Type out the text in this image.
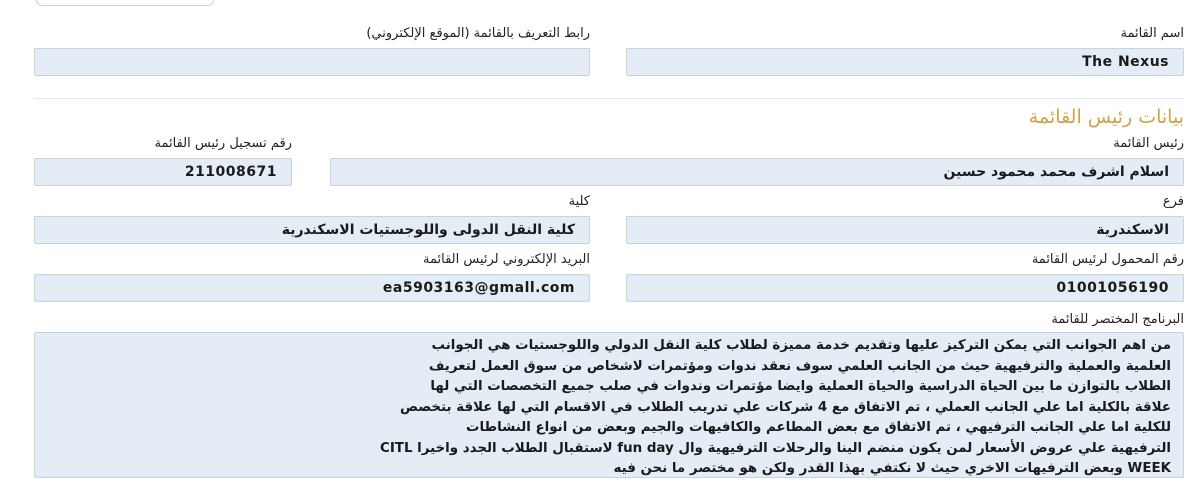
اسم القائمة
The Nexus
رابط التعريف بالقائمة (الموقع الإلكتروني)
بيانات رئيس القائمة
رئيس القائمة
اسلام اشرف محمد محمود حسين
رقم تسجيل رئيس القائمة
211008671
فرع
الاسكندرية
كلية
كلية النقل الدولى واللوجستيات الاسكندرية
رقم المحمول لرئيس القائمة
01001056190
البريد الإلكتروني لرئيس القائمة
ea5903163@gmall.com
البرنامج المختصر للقائمة
من اهم الجوانب التي يمكن التركيز عليها وتقديم خدمة مميزة لطلاب كلية النقل الدولي واللوجستيات هي الجوانب
العلمية والعملية والترفيهية حيث من الجانب العلمي سوف نعقد ندوات ومؤتمرات لاشخاص من سوق العمل لتعريف
الطلاب بالتوازن ما بين الحياة الدراسية والحياة العملية وايضا مؤتمرات وندوات في صلب جميع التخصصات التي لها
علاقة بالكلية اما علي الجانب العملي ، تم الاتفاق مع 4 شركات علي تدريب الطلاب في الاقسام التي لها علاقة بتخصص
للكلية اما علي الجانب الترفيهي ، تم الاتفاق مع بعض المطاعم والكافيهات والجيم وبعض من انواع النشاطات
الترفيهية علي عروض الأسعار لمن يكون منضم الينا والرحلات الترفيهية وال fun day لاستقبال الطلاب الجدد واخيرا CITL
WEEK وبعض الترفيهات الاخري حيث لا نكتفي بهذا القدر ولكن هو مختصر ما نحن فيه
